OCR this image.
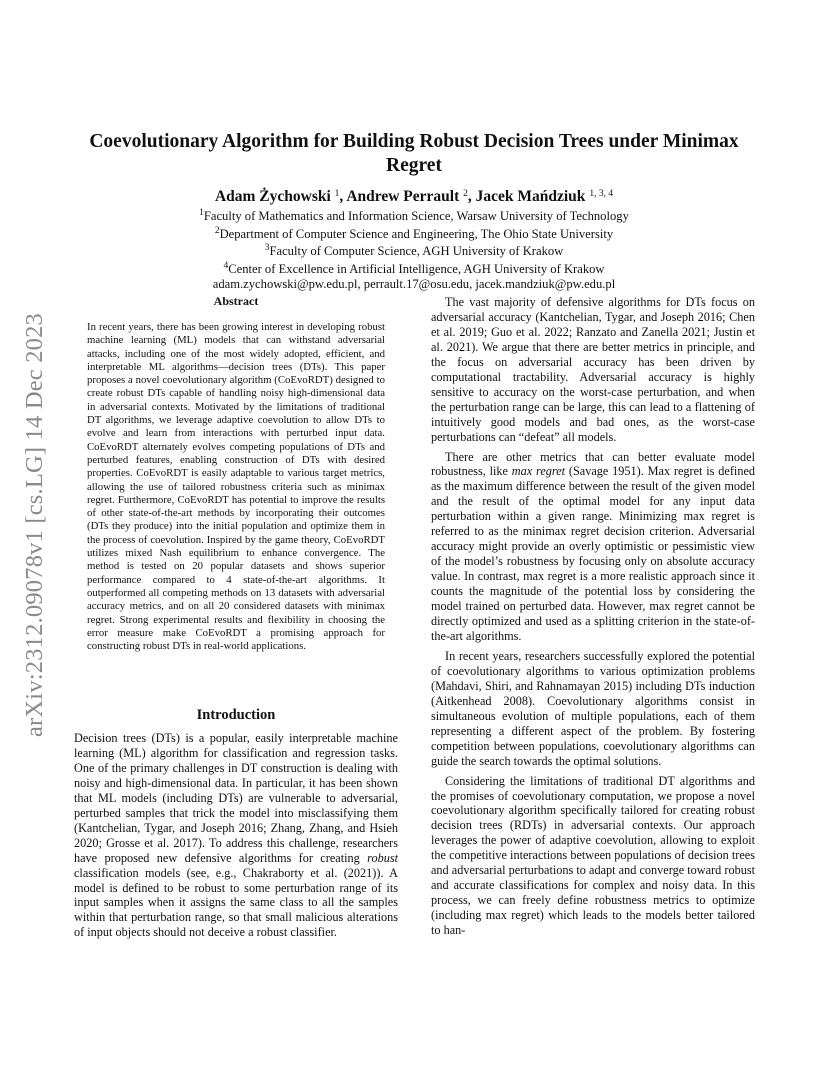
arXiv:2312.09078v1 [cs.LG] 14 Dec 2023
Coevolutionary Algorithm for Building Robust Decision Trees under Minimax Regret
Adam Żychowski $^1$, Andrew Perrault $^2$, Jacek Mańdziuk $^{1, 3, 4}$
$^1$Faculty of Mathematics and Information Science, Warsaw University of Technology
$^2$Department of Computer Science and Engineering, The Ohio State University
$^3$Faculty of Computer Science, AGH University of Krakow
$^4$Center of Excellence in Artificial Intelligence, AGH University of Krakow
adam.zychowski@pw.edu.pl, perrault.17@osu.edu, jacek.mandziuk@pw.edu.pl
Abstract
In recent years, there has been growing interest in developing robust machine learning (ML) models that can withstand adversarial attacks, including one of the most widely adopted, efficient, and interpretable ML algorithms—decision trees (DTs). This paper proposes a novel coevolutionary algorithm (CoEvoRDT) designed to create robust DTs capable of handling noisy high-dimensional data in adversarial contexts. Motivated by the limitations of traditional DT algorithms, we leverage adaptive coevolution to allow DTs to evolve and learn from interactions with perturbed input data. CoEvoRDT alternately evolves competing populations of DTs and perturbed features, enabling construction of DTs with desired properties. CoEvoRDT is easily adaptable to various target metrics, allowing the use of tailored robustness criteria such as minimax regret. Furthermore, CoEvoRDT has potential to improve the results of other state-of-the-art methods by incorporating their outcomes (DTs they produce) into the initial population and optimize them in the process of coevolution. Inspired by the game theory, CoEvoRDT utilizes mixed Nash equilibrium to enhance convergence. The method is tested on 20 popular datasets and shows superior performance compared to 4 state-of-the-art algorithms. It outperformed all competing methods on 13 datasets with adversarial accuracy metrics, and on all 20 considered datasets with minimax regret. Strong experimental results and flexibility in choosing the error measure make CoEvoRDT a promising approach for constructing robust DTs in real-world applications.
Introduction
Decision trees (DTs) is a popular, easily interpretable machine learning (ML) algorithm for classification and regression tasks. One of the primary challenges in DT construction is dealing with noisy and high-dimensional data. In particular, it has been shown that ML models (including DTs) are vulnerable to adversarial, perturbed samples that trick the model into misclassifying them (Kantchelian, Tygar, and Joseph 2016; Zhang, Zhang, and Hsieh 2020; Grosse et al. 2017). To address this challenge, researchers have proposed new defensive algorithms for creating robust classification models (see, e.g., Chakraborty et al. (2021)). A model is defined to be robust to some perturbation range of its input samples when it assigns the same class to all the samples within that perturbation range, so that small malicious alterations of input objects should not deceive a robust classifier.

The vast majority of defensive algorithms for DTs focus on adversarial accuracy (Kantchelian, Tygar, and Joseph 2016; Chen et al. 2019; Guo et al. 2022; Ranzato and Zanella 2021; Justin et al. 2021). We argue that there are better metrics in principle, and the focus on adversarial accuracy has been driven by computational tractability. Adversarial accuracy is highly sensitive to accuracy on the worst-case perturbation, and when the perturbation range can be large, this can lead to a flattening of intuitively good models and bad ones, as the worst-case perturbations can “defeat” all models.

There are other metrics that can better evaluate model robustness, like max regret (Savage 1951). Max regret is defined as the maximum difference between the result of the given model and the result of the optimal model for any input data perturbation within a given range. Minimizing max regret is referred to as the minimax regret decision criterion. Adversarial accuracy might provide an overly optimistic or pessimistic view of the model’s robustness by focusing only on absolute accuracy value. In contrast, max regret is a more realistic approach since it counts the magnitude of the potential loss by considering the model trained on perturbed data. However, max regret cannot be directly optimized and used as a splitting criterion in the state-of-the-art algorithms.

In recent years, researchers successfully explored the potential of coevolutionary algorithms to various optimization problems (Mahdavi, Shiri, and Rahnamayan 2015) including DTs induction (Aitkenhead 2008). Coevolutionary algorithms consist in simultaneous evolution of multiple populations, each of them representing a different aspect of the problem. By fostering competition between populations, coevolutionary algorithms can guide the search towards the optimal solutions.

Considering the limitations of traditional DT algorithms and the promises of coevolutionary computation, we propose a novel coevolutionary algorithm specifically tailored for creating robust decision trees (RDTs) in adversarial contexts. Our approach leverages the power of adaptive coevolution, allowing to exploit the competitive interactions between populations of decision trees and adversarial perturbations to adapt and converge toward robust and accurate classifications for complex and noisy data. In this process, we can freely define robustness metrics to optimize (including max regret) which leads to the models better tailored to han-
